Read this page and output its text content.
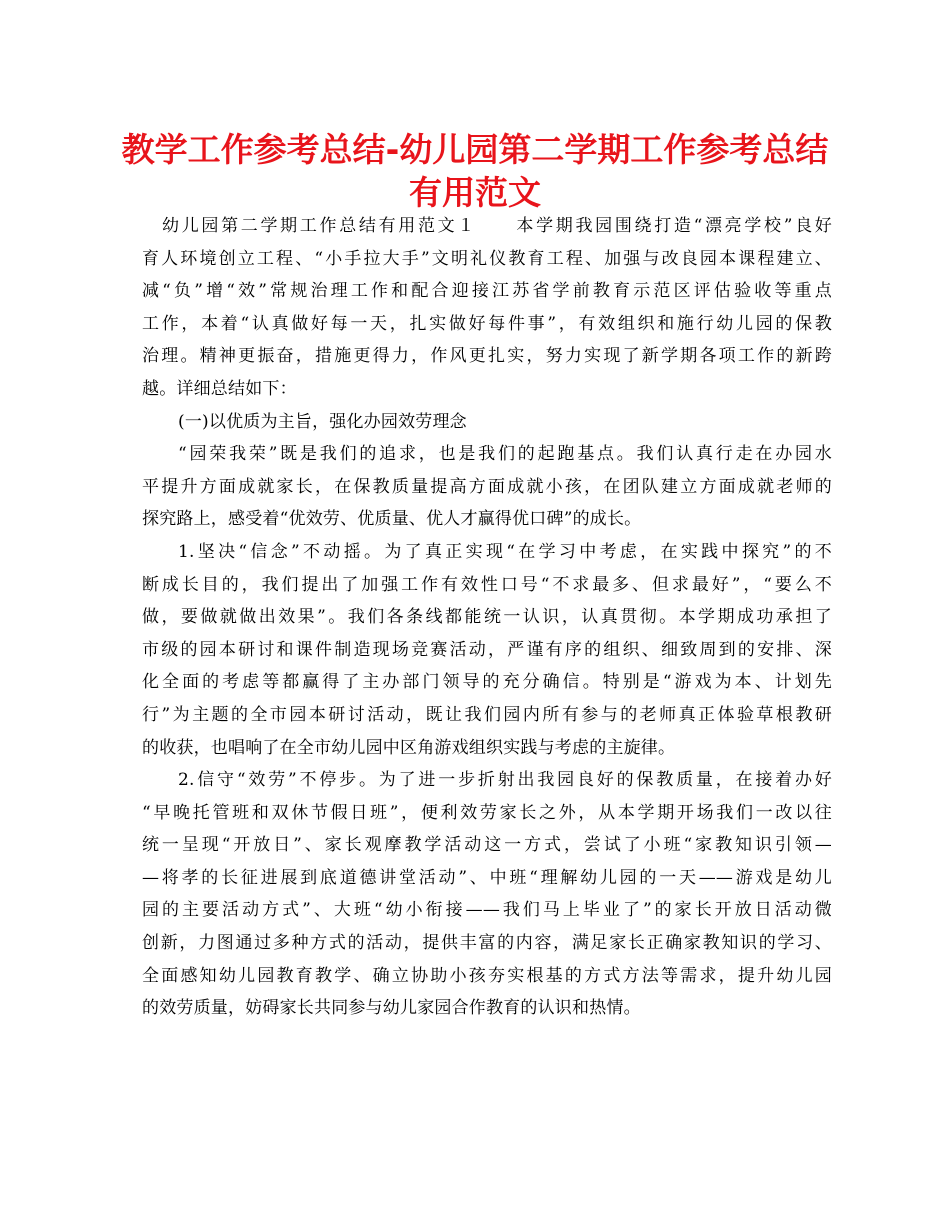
教学工作参考总结-幼儿园第二学期工作参考总结
有用范文
幼儿园第二学期工作总结有用范文１　　本学期我园围绕打造“漂亮学校”良好
育人环境创立工程、“小手拉大手”文明礼仪教育工程、加强与改良园本课程建立、
减“负”增“效”常规治理工作和配合迎接江苏省学前教育示范区评估验收等重点
工作，本着“认真做好每一天，扎实做好每件事”，有效组织和施行幼儿园的保教
治理。精神更振奋，措施更得力，作风更扎实，努力实现了新学期各项工作的新跨
越。详细总结如下：
(一)以优质为主旨，强化办园效劳理念
“园荣我荣”既是我们的追求，也是我们的起跑基点。我们认真行走在办园水
平提升方面成就家长，在保教质量提高方面成就小孩，在团队建立方面成就老师的
探究路上，感受着“优效劳、优质量、优人才赢得优口碑”的成长。
1.坚决“信念”不动摇。为了真正实现“在学习中考虑，在实践中探究”的不
断成长目的，我们提出了加强工作有效性口号“不求最多、但求最好”，“要么不
做，要做就做出效果”。我们各条线都能统一认识，认真贯彻。本学期成功承担了
市级的园本研讨和课件制造现场竞赛活动，严谨有序的组织、细致周到的安排、深
化全面的考虑等都赢得了主办部门领导的充分确信。特别是“游戏为本、计划先
行”为主题的全市园本研讨活动，既让我们园内所有参与的老师真正体验草根教研
的收获，也唱响了在全市幼儿园中区角游戏组织实践与考虑的主旋律。
2.信守“效劳”不停步。为了进一步折射出我园良好的保教质量，在接着办好
“早晚托管班和双休节假日班”，便利效劳家长之外，从本学期开场我们一改以往
统一呈现“开放日”、家长观摩教学活动这一方式，尝试了小班“家教知识引领—
—将孝的长征进展到底道德讲堂活动”、中班“理解幼儿园的一天——游戏是幼儿
园的主要活动方式”、大班“幼小衔接——我们马上毕业了”的家长开放日活动微
创新，力图通过多种方式的活动，提供丰富的内容，满足家长正确家教知识的学习、
全面感知幼儿园教育教学、确立协助小孩夯实根基的方式方法等需求，提升幼儿园
的效劳质量，妨碍家长共同参与幼儿家园合作教育的认识和热情。
